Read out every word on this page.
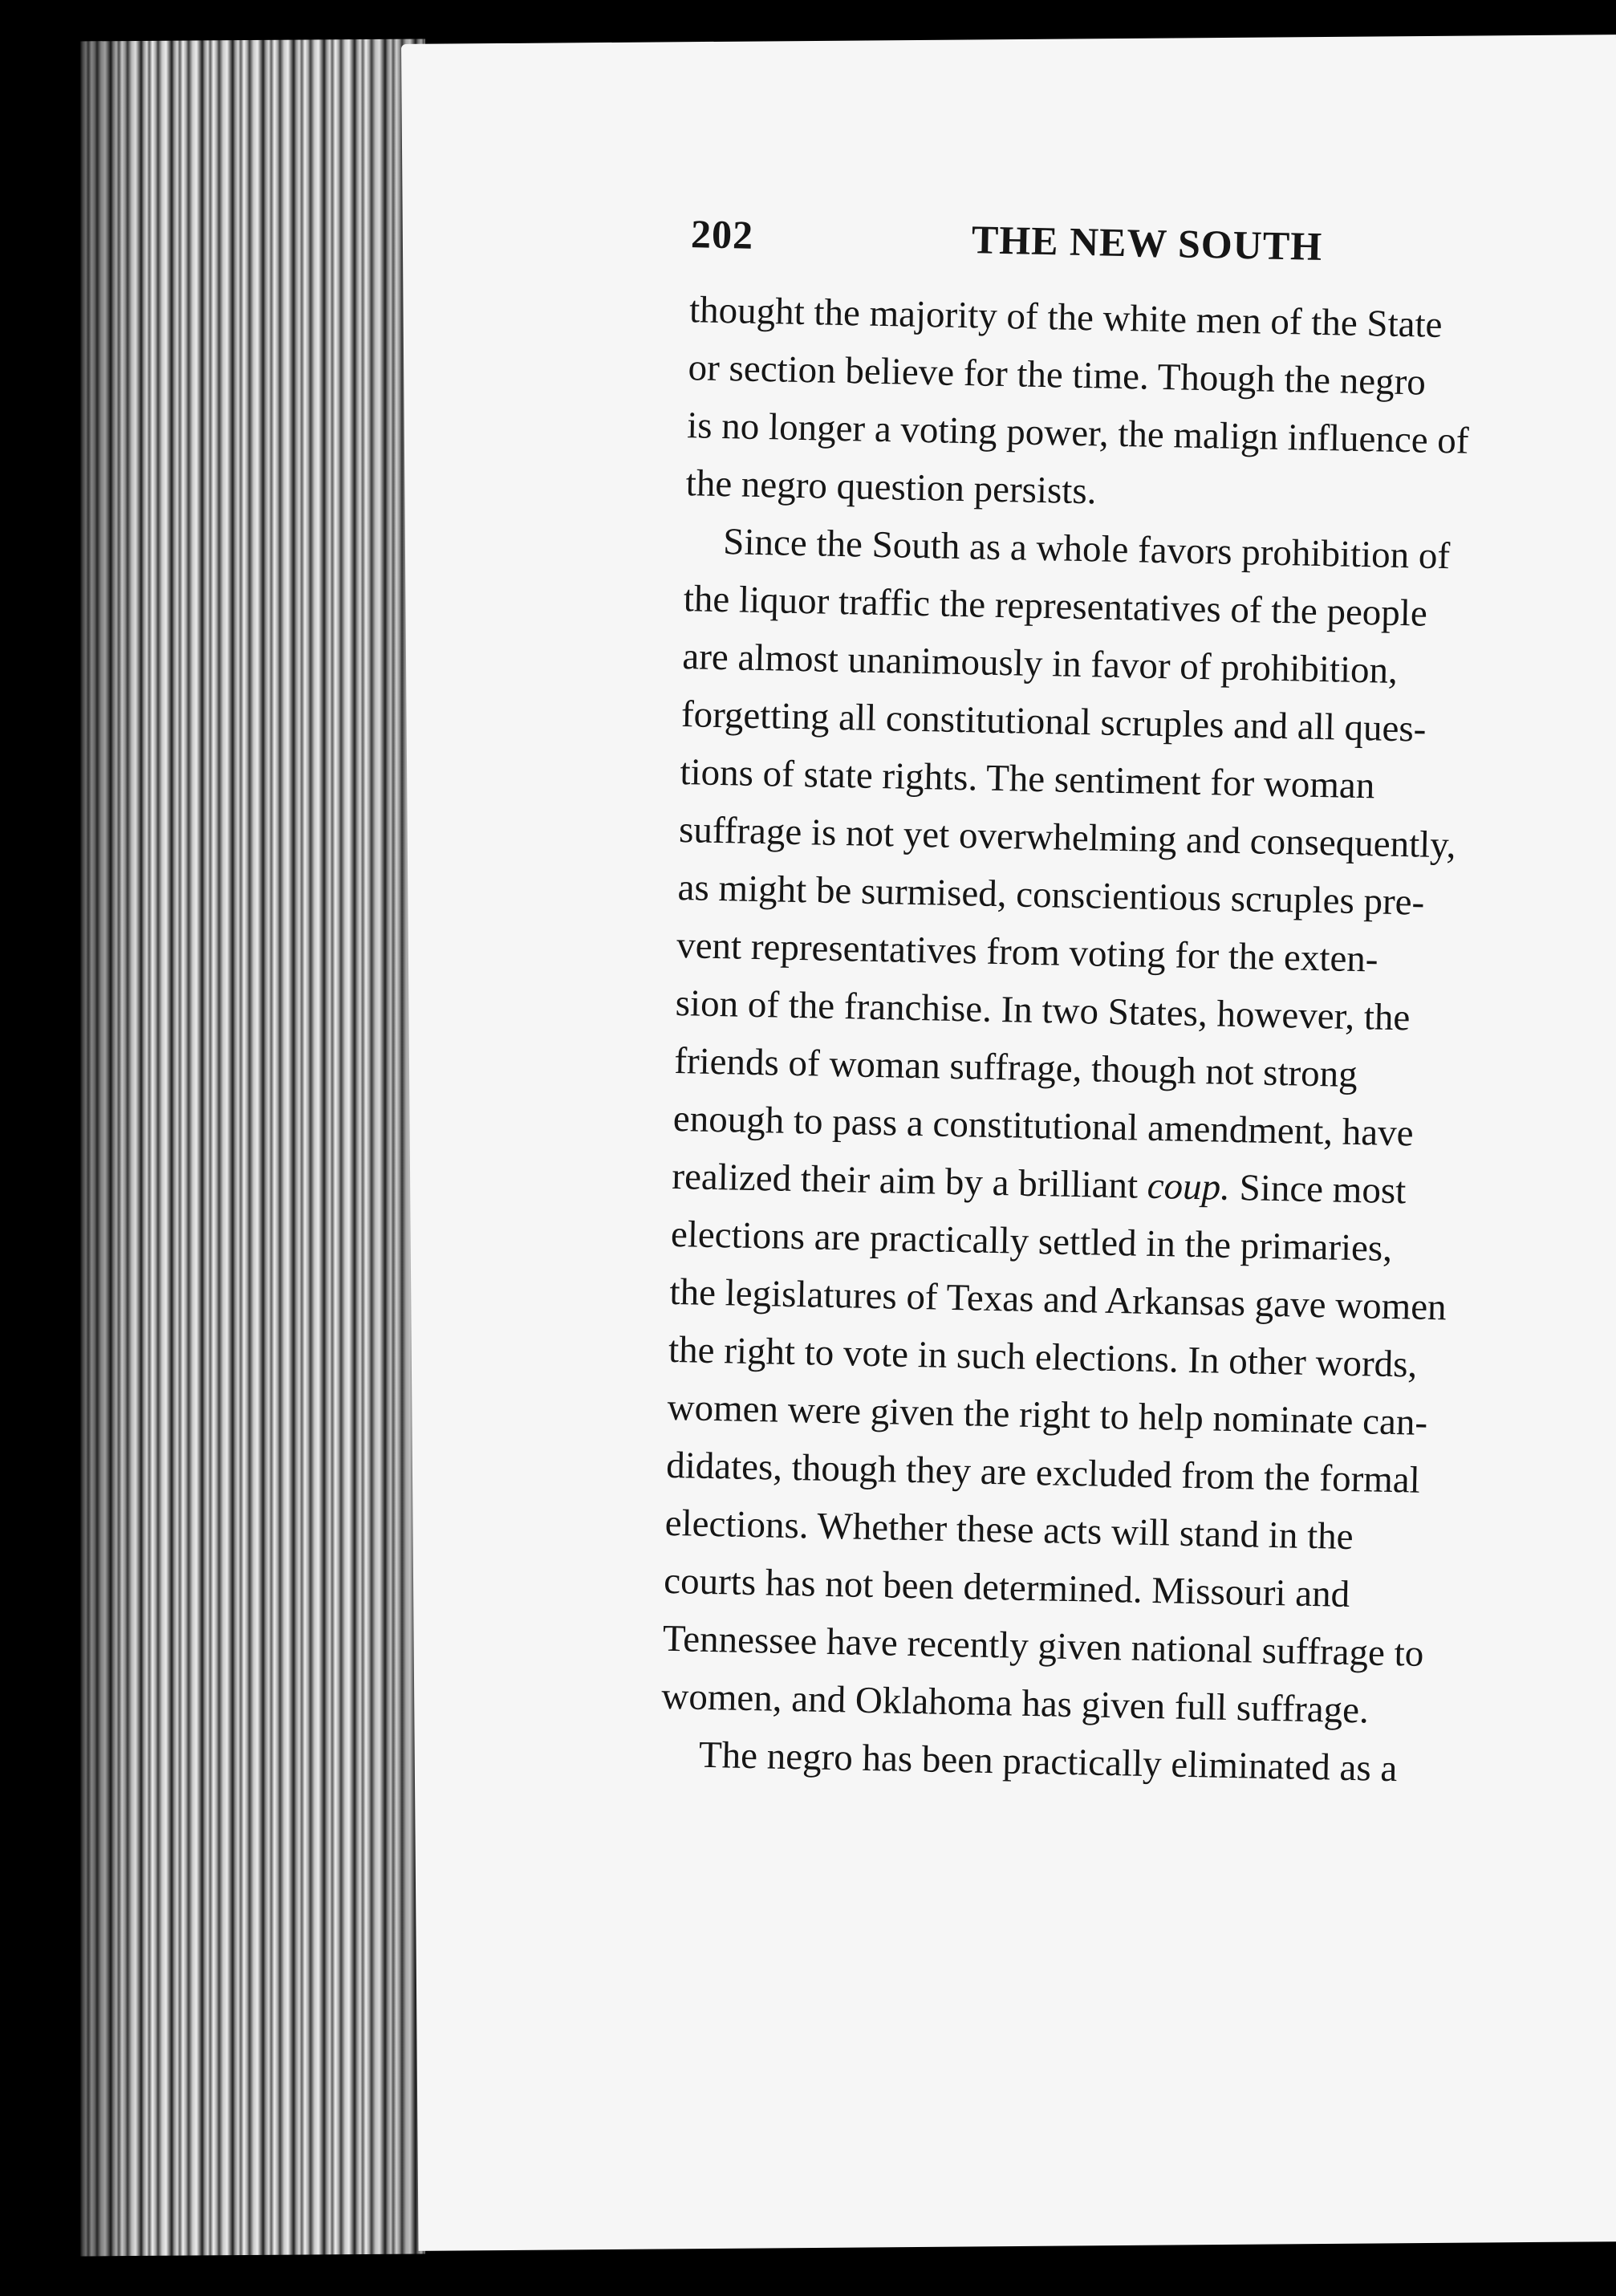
202	THE NEW SOUTH
thought the majority of the white men of the State
or section believe for the time. Though the negro
is no longer a voting power, the malign influence of
the negro question persists.
Since the South as a whole favors prohibition of
the liquor traffic the representatives of the people
are almost unanimously in favor of prohibition,
forgetting all constitutional scruples and all ques-
tions of state rights. The sentiment for woman
suffrage is not yet overwhelming and consequently,
as might be surmised, conscientious scruples pre-
vent representatives from voting for the exten-
sion of the franchise. In two States, however, the
friends of woman suffrage, though not strong
enough to pass a constitutional amendment, have
realized their aim by a brilliant coup. Since most
elections are practically settled in the primaries,
the legislatures of Texas and Arkansas gave women
the right to vote in such elections. In other words,
women were given the right to help nominate can-
didates, though they are excluded from the formal
elections. Whether these acts will stand in the
courts has not been determined. Missouri and
Tennessee have recently given national suffrage to
women, and Oklahoma has given full suffrage.
The negro has been practically eliminated as a
